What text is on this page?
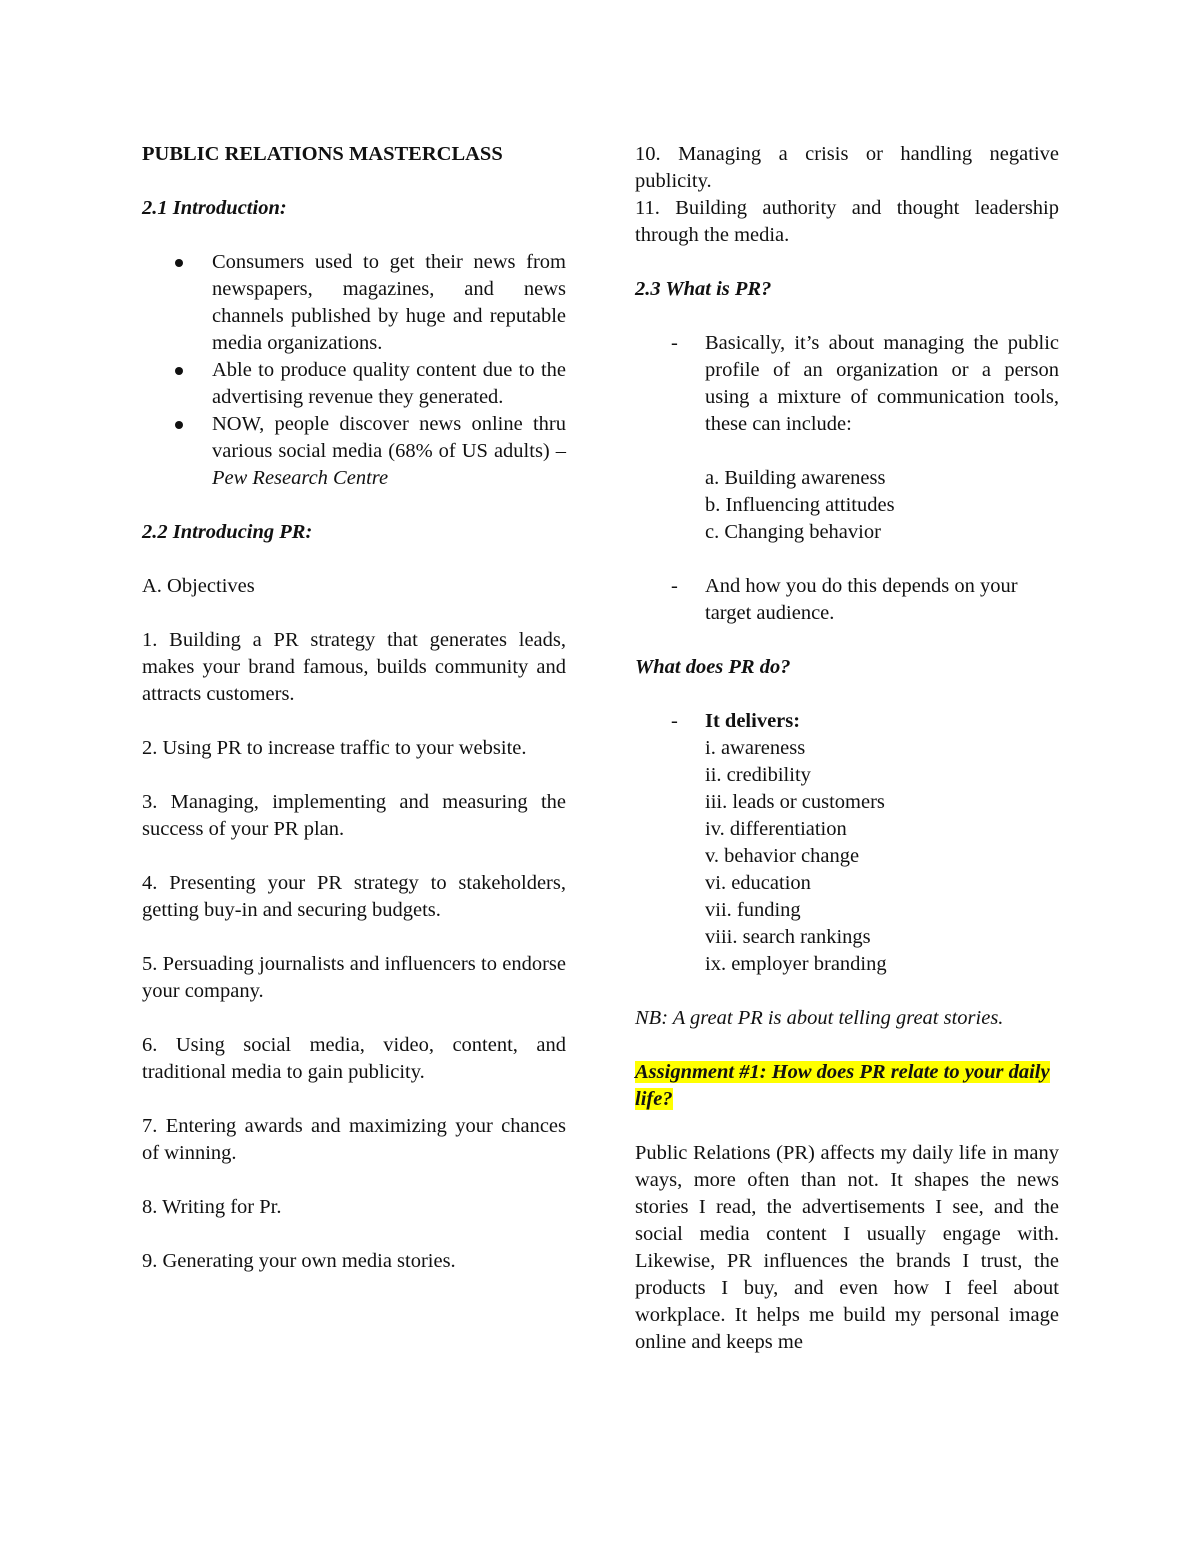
PUBLIC RELATIONS MASTERCLASS

2.1 Introduction:

Consumers used to get their news from newspapers, magazines, and news channels published by huge and reputable media organizations.
Able to produce quality content due to the advertising revenue they generated.
NOW, people discover news online thru various social media (68% of US adults) – Pew Research Centre

2.2 Introducing PR:

A. Objectives

1. Building a PR strategy that generates leads, makes your brand famous, builds community and attracts customers.

2. Using PR to increase traffic to your website.

3. Managing, implementing and measuring the success of your PR plan.

4. Presenting your PR strategy to stakeholders, getting buy-in and securing budgets.

5. Persuading journalists and influencers to endorse your company.

6. Using social media, video, content, and traditional media to gain publicity.

7. Entering awards and maximizing your chances of winning.

8. Writing for Pr.

9. Generating your own media stories.

10. Managing a crisis or handling negative publicity.

11. Building authority and thought leadership through the media.

2.3 What is PR?

- Basically, it’s about managing the public profile of an organization or a person using a mixture of communication tools, these can include:

a. Building awareness

b. Influencing attitudes

c. Changing behavior

- And how you do this depends on your target audience.

What does PR do?

- It delivers:

i. awareness

ii. credibility

iii. leads or customers

iv. differentiation

v. behavior change

vi. education

vii. funding

viii. search rankings

ix. employer branding

NB: A great PR is about telling great stories.

Assignment #1: How does PR relate to your daily life?

Public Relations (PR) affects my daily life in many ways, more often than not. It shapes the news stories I read, the advertisements I see, and the social media content I usually engage with. Likewise, PR influences the brands I trust, the products I buy, and even how I feel about workplace. It helps me build my personal image online and keeps me
